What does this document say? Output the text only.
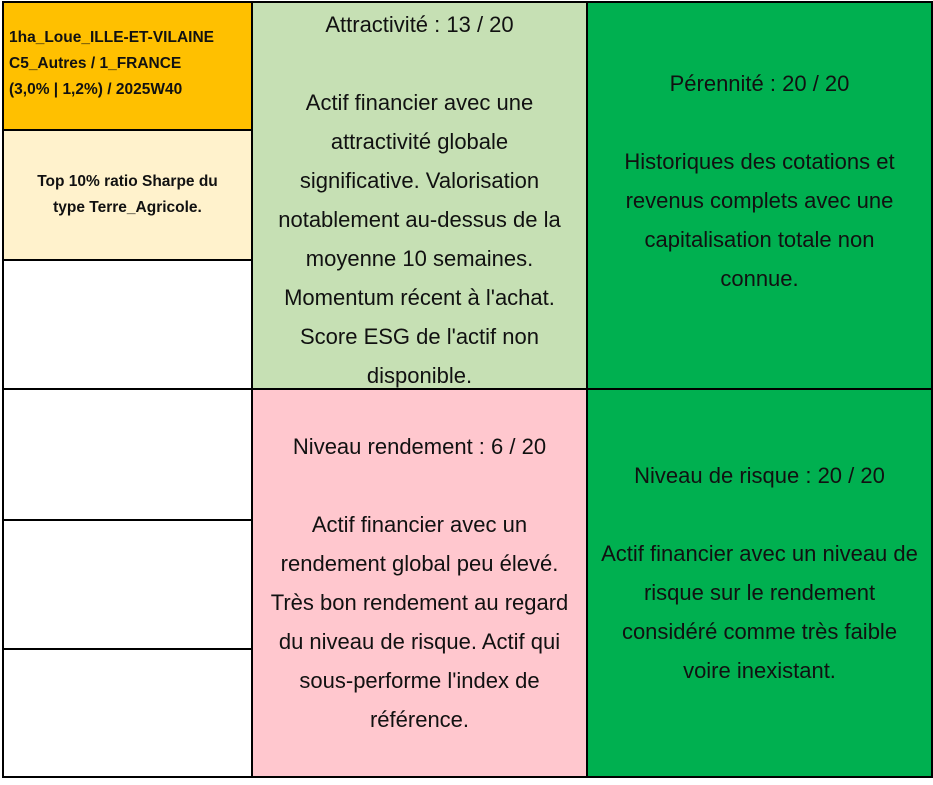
1ha_Loue_ILLE-ET-VILAINE
C5_Autres / 1_FRANCE
(3,0% | 1,2%) / 2025W40
Top 10% ratio Sharpe du
type Terre_Agricole.
Attractivité : 13 / 20
Actif financier avec une
attractivité globale
significative. Valorisation
notablement au-dessus de la
moyenne 10 semaines.
Momentum récent à l'achat.
Score ESG de l'actif non
disponible.
Pérennité : 20 / 20
Historiques des cotations et
revenus complets avec une
capitalisation totale non
connue.
Niveau rendement : 6 / 20
Actif financier avec un
rendement global peu élevé.
Très bon rendement au regard
du niveau de risque. Actif qui
sous-performe l'index de
référence.
Niveau de risque : 20 / 20
Actif financier avec un niveau de
risque sur le rendement
considéré comme très faible
voire inexistant.
